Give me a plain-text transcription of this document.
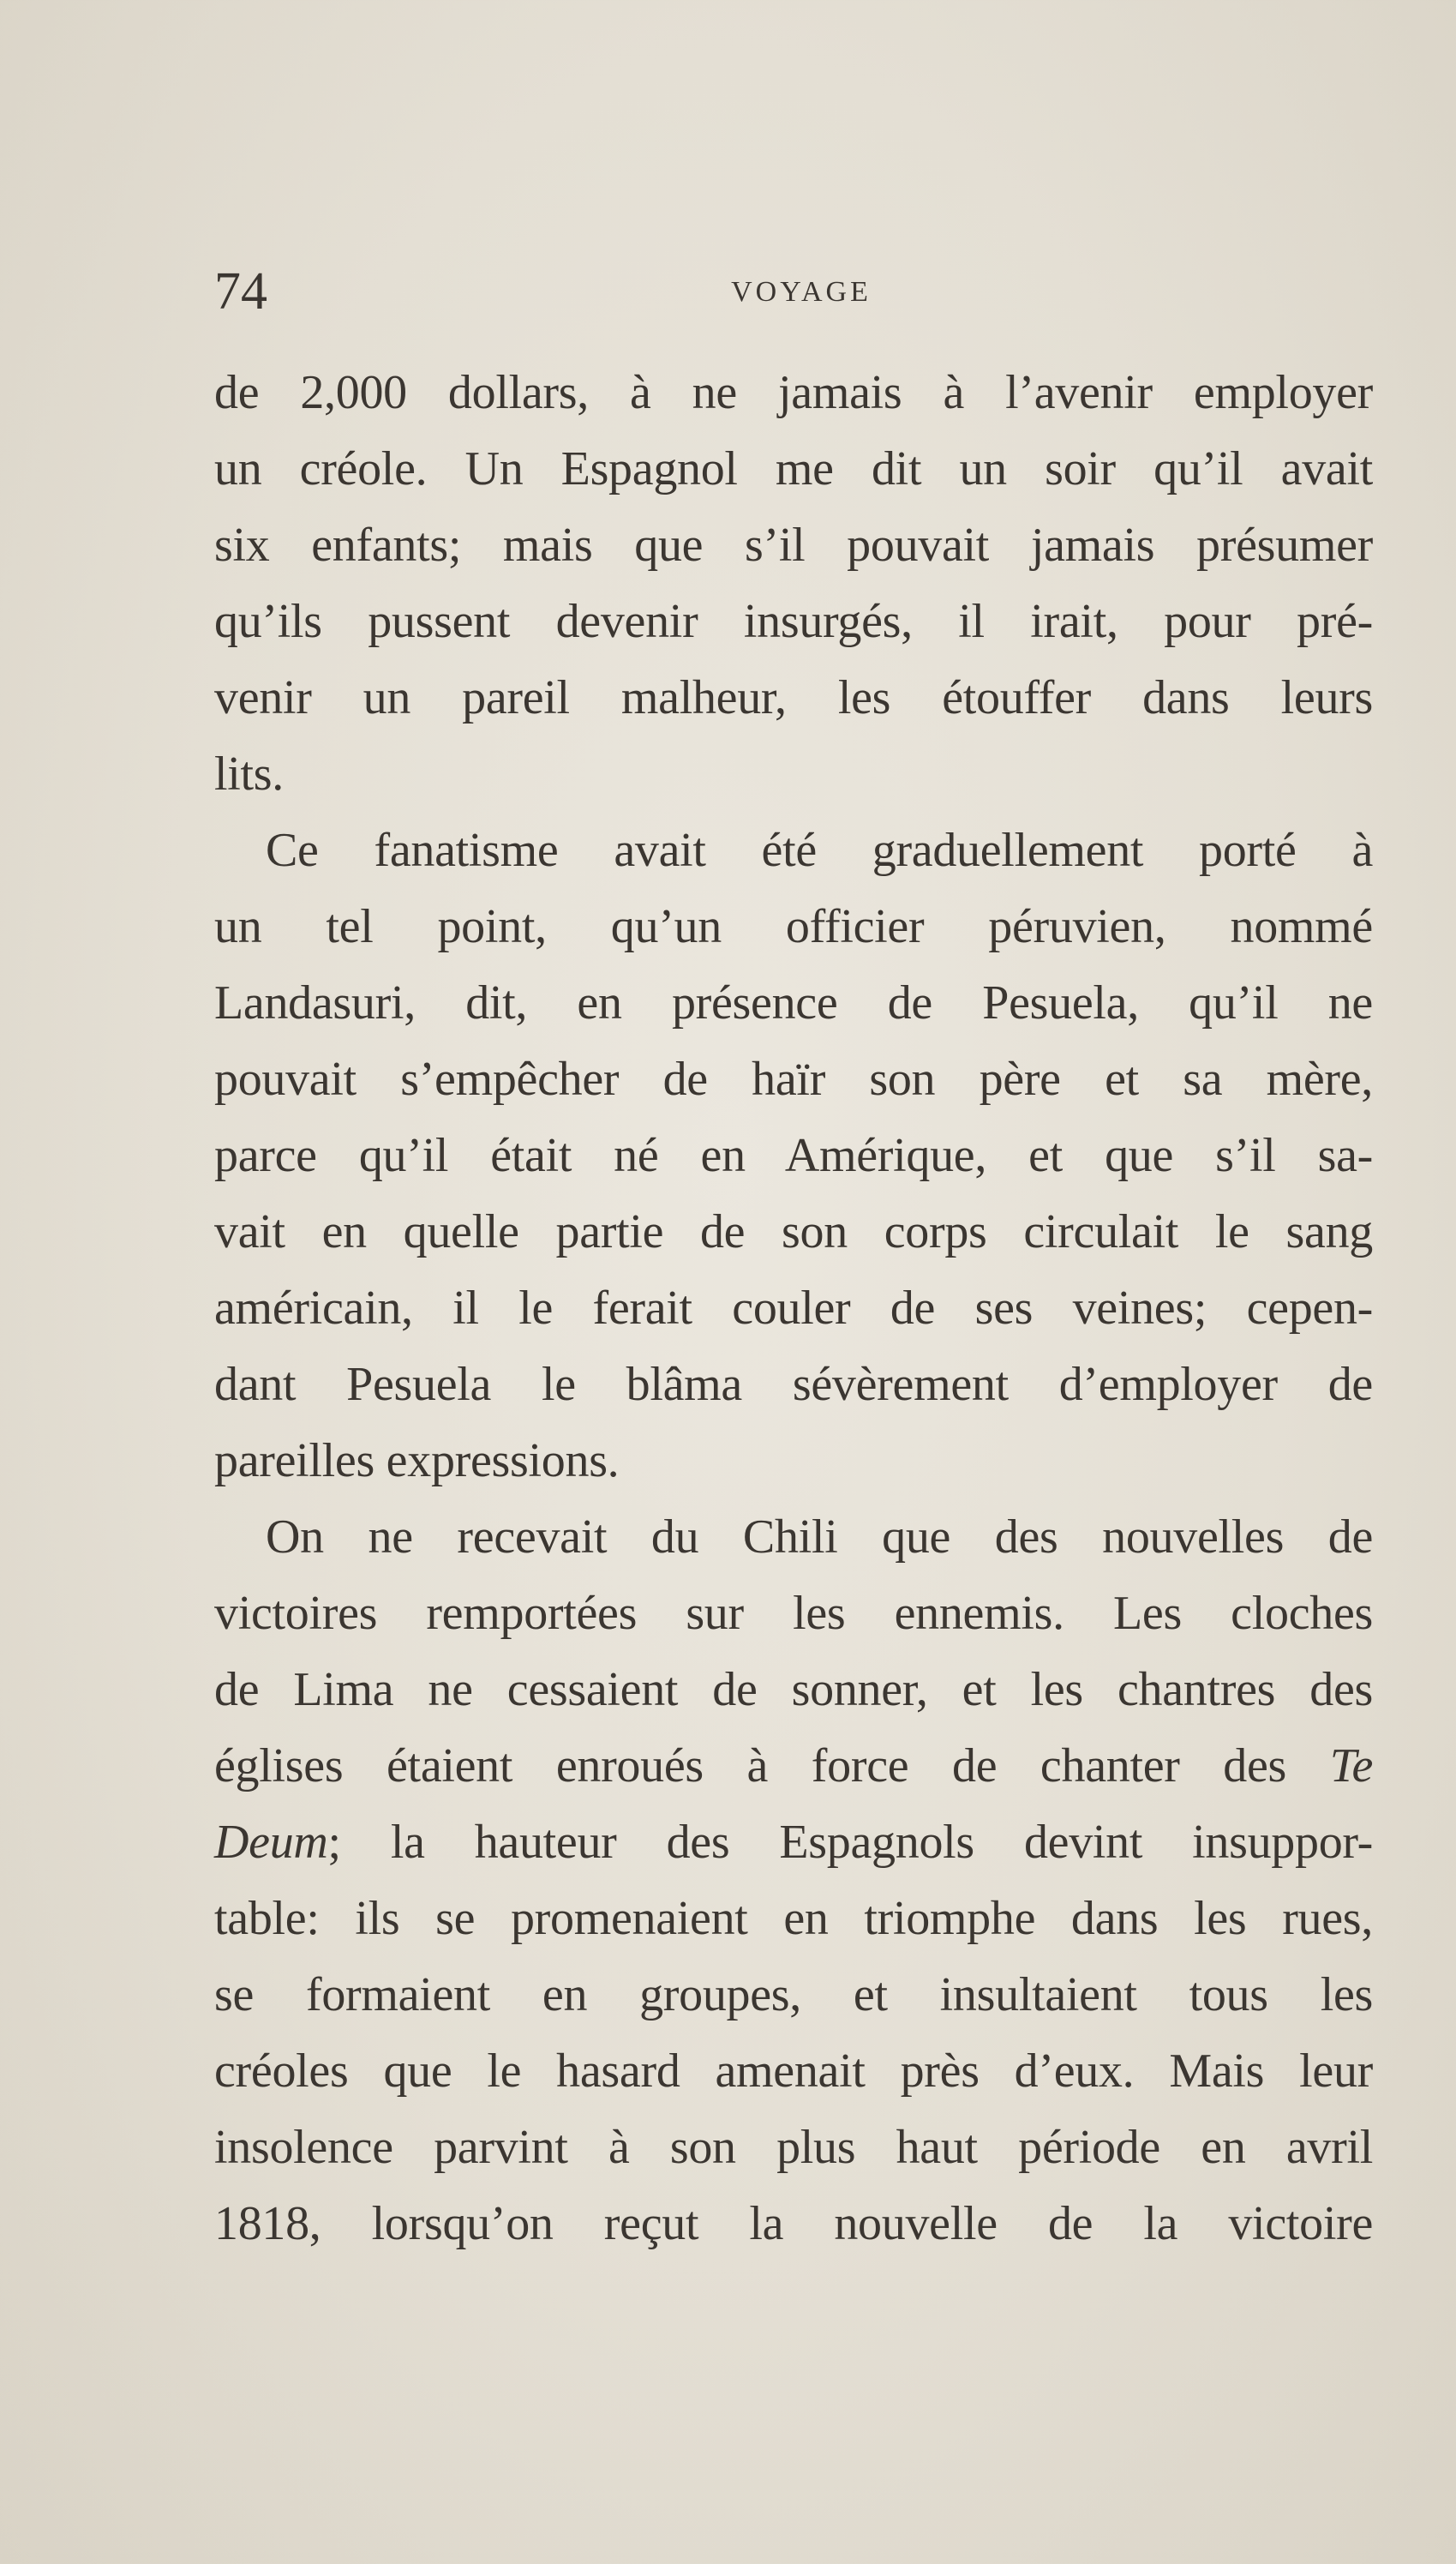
74	VOYAGE
de 2,000 dollars, à ne jamais à l’avenir employer
un créole. Un Espagnol me dit un soir qu’il avait
six enfants; mais que s’il pouvait jamais présumer
qu’ils pussent devenir insurgés, il irait, pour pré-
venir un pareil malheur, les étouffer dans leurs
lits.
Ce fanatisme avait été graduellement porté à
un tel point, qu’un officier péruvien, nommé
Landasuri, dit, en présence de Pesuela, qu’il ne
pouvait s’empêcher de haïr son père et sa mère,
parce qu’il était né en Amérique, et que s’il sa-
vait en quelle partie de son corps circulait le sang
américain, il le ferait couler de ses veines; cepen-
dant Pesuela le blâma sévèrement d’employer de
pareilles expressions.
On ne recevait du Chili que des nouvelles de
victoires remportées sur les ennemis. Les cloches
de Lima ne cessaient de sonner, et les chantres des
églises étaient enroués à force de chanter des Te
Deum; la hauteur des Espagnols devint insuppor-
table: ils se promenaient en triomphe dans les rues,
se formaient en groupes, et insultaient tous les
créoles que le hasard amenait près d’eux. Mais leur
insolence parvint à son plus haut période en avril
1818, lorsqu’on reçut la nouvelle de la victoire
